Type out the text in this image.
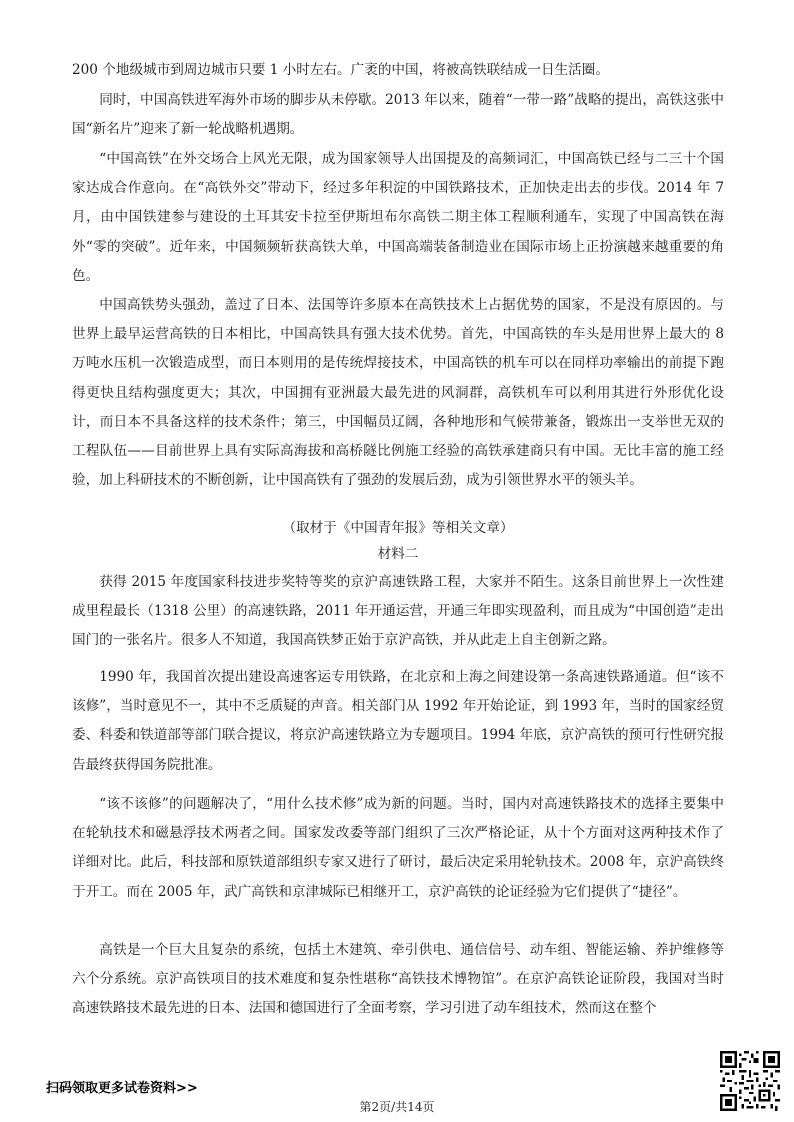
200 个地级城市到周边城市只要 1 小时左右。广袤的中国，将被高铁联结成一日生活圈。

同时，中国高铁进军海外市场的脚步从未停歇。2013 年以来，随着“一带一路”战略的提出，高铁这张中国“新名片”迎来了新一轮战略机遇期。

“中国高铁”在外交场合上风光无限，成为国家领导人出国提及的高频词汇，中国高铁已经与二三十个国家达成合作意向。在“高铁外交”带动下，经过多年积淀的中国铁路技术，正加快走出去的步伐。2014 年 7 月，由中国铁建参与建设的土耳其安卡拉至伊斯坦布尔高铁二期主体工程顺利通车，实现了中国高铁在海外“零的突破”。近年来，中国频频斩获高铁大单，中国高端装备制造业在国际市场上正扮演越来越重要的角色。

中国高铁势头强劲，盖过了日本、法国等许多原本在高铁技术上占据优势的国家，不是没有原因的。与世界上最早运营高铁的日本相比，中国高铁具有强大技术优势。首先，中国高铁的车头是用世界上最大的 8 万吨水压机一次锻造成型，而日本则用的是传统焊接技术，中国高铁的机车可以在同样功率输出的前提下跑得更快且结构强度更大；其次，中国拥有亚洲最大最先进的风洞群，高铁机车可以利用其进行外形优化设计，而日本不具备这样的技术条件；第三，中国幅员辽阔，各种地形和气候带兼备，锻炼出一支举世无双的工程队伍——目前世界上具有实际高海拔和高桥隧比例施工经验的高铁承建商只有中国。无比丰富的施工经验，加上科研技术的不断创新，让中国高铁有了强劲的发展后劲，成为引领世界水平的领头羊。

（取材于《中国青年报》等相关文章）

材料二

获得 2015 年度国家科技进步奖特等奖的京沪高速铁路工程，大家并不陌生。这条目前世界上一次性建成里程最长（1318 公里）的高速铁路，2011 年开通运营，开通三年即实现盈利，而且成为“中国创造”走出国门的一张名片。很多人不知道，我国高铁梦正始于京沪高铁，并从此走上自主创新之路。

1990 年，我国首次提出建设高速客运专用铁路，在北京和上海之间建设第一条高速铁路通道。但“该不该修”，当时意见不一，其中不乏质疑的声音。相关部门从 1992 年开始论证，到 1993 年，当时的国家经贸委、科委和铁道部等部门联合提议，将京沪高速铁路立为专题项目。1994 年底，京沪高铁的预可行性研究报告最终获得国务院批准。

“该不该修”的问题解决了，“用什么技术修”成为新的问题。当时，国内对高速铁路技术的选择主要集中在轮轨技术和磁悬浮技术两者之间。国家发改委等部门组织了三次严格论证，从十个方面对这两种技术作了详细对比。此后，科技部和原铁道部组织专家又进行了研讨，最后决定采用轮轨技术。2008 年，京沪高铁终于开工。而在 2005 年，武广高铁和京津城际已相继开工，京沪高铁的论证经验为它们提供了“捷径”。

高铁是一个巨大且复杂的系统，包括土木建筑、牵引供电、通信信号、动车组、智能运输、养护维修等六个分系统。京沪高铁项目的技术难度和复杂性堪称“高铁技术博物馆”。在京沪高铁论证阶段，我国对当时高速铁路技术最先进的日本、法国和德国进行了全面考察，学习引进了动车组技术，然而这在整个

扫码领取更多试卷资料>>
第2页/共14页
